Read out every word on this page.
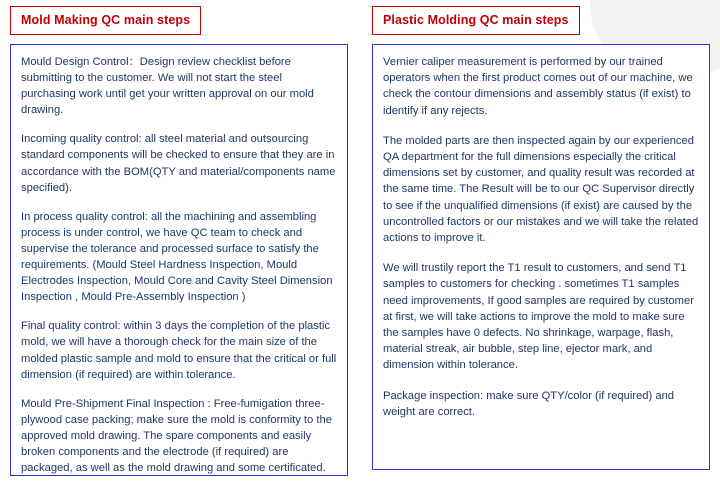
Mold Making QC main steps

Mould Design Control：Design review checklist before submitting to the customer. We will not start the steel purchasing work until get your written approval on our mold drawing.

Incoming quality control: all steel material and outsourcing standard components will be checked to ensure that they are in accordance with the BOM(QTY and material/components name specified).

In process quality control: all the machining and assembling process is under control, we have QC team to check and supervise the tolerance and processed surface to satisfy the requirements. (Mould Steel Hardness Inspection, Mould Electrodes Inspection, Mould Core and Cavity Steel Dimension Inspection , Mould Pre-Assembly Inspection )

Final quality control: within 3 days the completion of the plastic mold, we will have a thorough check for the main size of the molded plastic sample and mold to ensure that the critical or full dimension (if required) are within tolerance.

Mould Pre-Shipment Final Inspection : Free-fumigation three-plywood case packing; make sure the mold is conformity to the approved mold drawing. The spare components and easily broken components and the electrode (if required) are packaged, as well as the mold drawing and some certificated.

Plastic Molding QC main steps

Vernier caliper measurement is performed by our trained operators when the first product comes out of our machine, we check the contour dimensions and assembly status (if exist) to identify if any rejects.

The molded parts are then inspected again by our experienced QA department for the full dimensions especially the critical dimensions set by customer, and quality result was recorded at the same time. The Result will be to our QC Supervisor directly to see if the unqualified dimensions (if exist) are caused by the uncontrolled factors or our mistakes and we will take the related actions to improve it.

We will trustily report the T1 result to customers, and send T1 samples to customers for checking . sometimes T1 samples need improvements, If good samples are required by customer at first, we will take actions to improve the mold to make sure the samples have 0 defects. No shrinkage, warpage, flash, material streak, air bubble, step line, ejector mark, and dimension within tolerance.

Package inspection: make sure QTY/color (if required) and weight are correct.
